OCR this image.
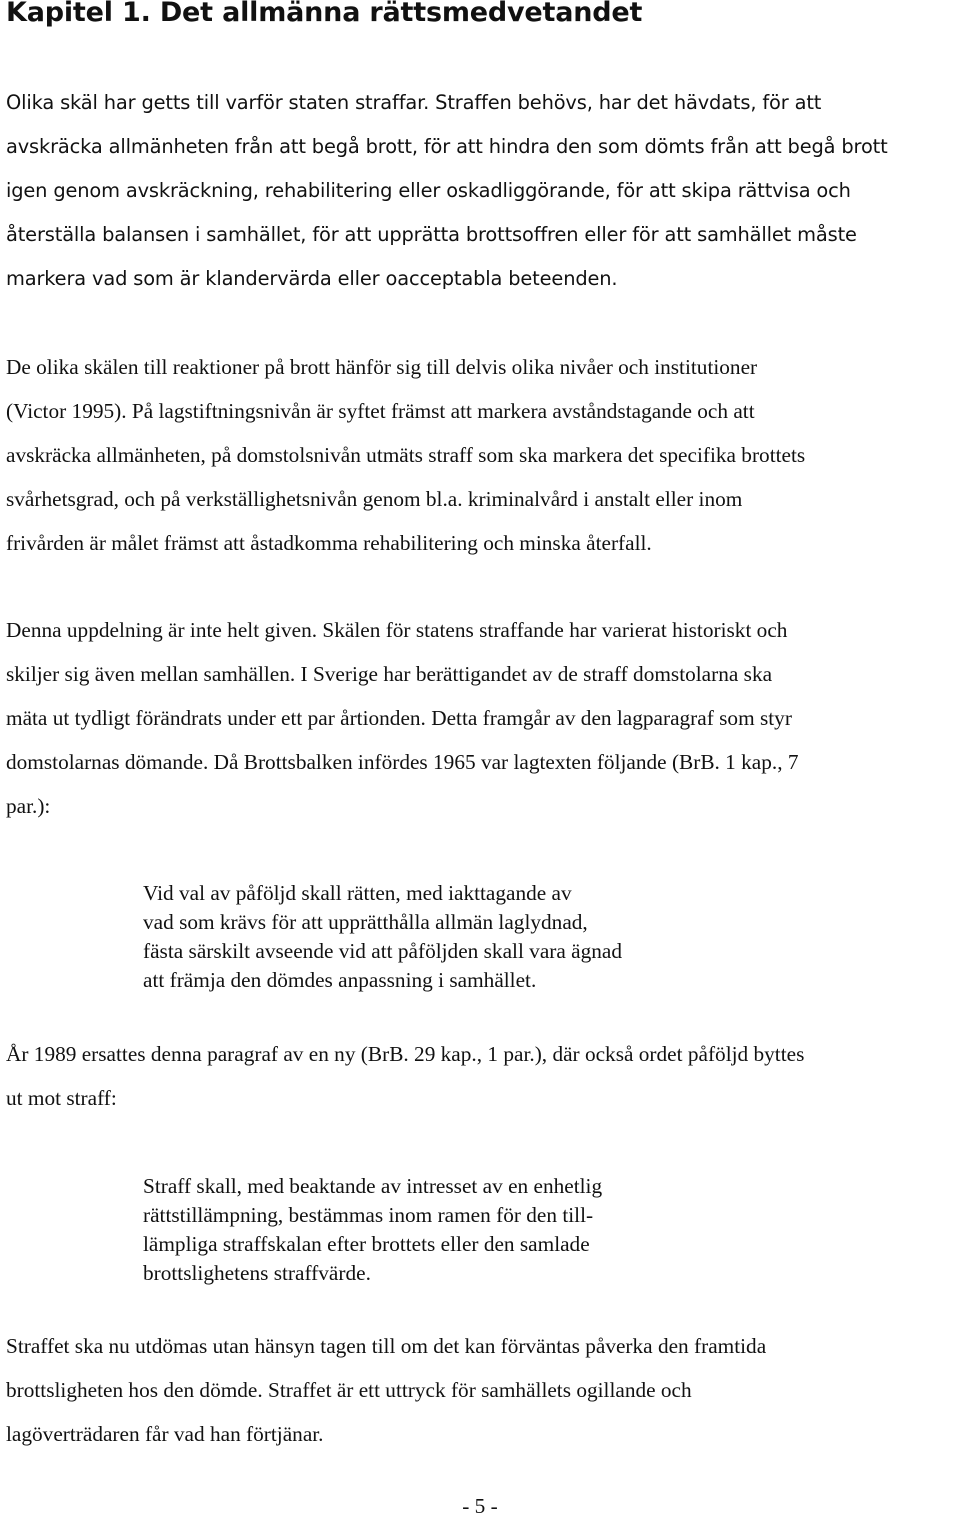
Kapitel 1. Det allmänna rättsmedvetandet

Olika skäl har getts till varför staten straffar. Straffen behövs, har det hävdats, för att

avskräcka allmänheten från att begå brott, för att hindra den som dömts från att begå brott

igen genom avskräckning, rehabilitering eller oskadliggörande, för att skipa rättvisa och

återställa balansen i samhället, för att upprätta brottsoffren eller för att samhället måste

markera vad som är klandervärda eller oacceptabla beteenden.

De olika skälen till reaktioner på brott hänför sig till delvis olika nivåer och institutioner

(Victor 1995). På lagstiftningsnivån är syftet främst att markera avståndstagande och att

avskräcka allmänheten, på domstolsnivån utmäts straff som ska markera det specifika brottets

svårhetsgrad, och på verkställighetsnivån genom bl.a. kriminalvård i anstalt eller inom

frivården är målet främst att åstadkomma rehabilitering och minska återfall.

Denna uppdelning är inte helt given. Skälen för statens straffande har varierat historiskt och

skiljer sig även mellan samhällen. I Sverige har berättigandet av de straff domstolarna ska

mäta ut tydligt förändrats under ett par årtionden. Detta framgår av den lagparagraf som styr

domstolarnas dömande. Då Brottsbalken infördes 1965 var lagtexten följande (BrB. 1 kap., 7

par.):

Vid val av påföljd skall rätten, med iakttagande av

vad som krävs för att upprätthålla allmän laglydnad,

fästa särskilt avseende vid att påföljden skall vara ägnad

att främja den dömdes anpassning i samhället.

År 1989 ersattes denna paragraf av en ny (BrB. 29 kap., 1 par.), där också ordet påföljd byttes

ut mot straff:

Straff skall, med beaktande av intresset av en enhetlig

rättstillämpning, bestämmas inom ramen för den till-

lämpliga straffskalan efter brottets eller den samlade

brottslighetens straffvärde.

Straffet ska nu utdömas utan hänsyn tagen till om det kan förväntas påverka den framtida

brottsligheten hos den dömde. Straffet är ett uttryck för samhällets ogillande och

lagöverträdaren får vad han förtjänar.

- 5 -
